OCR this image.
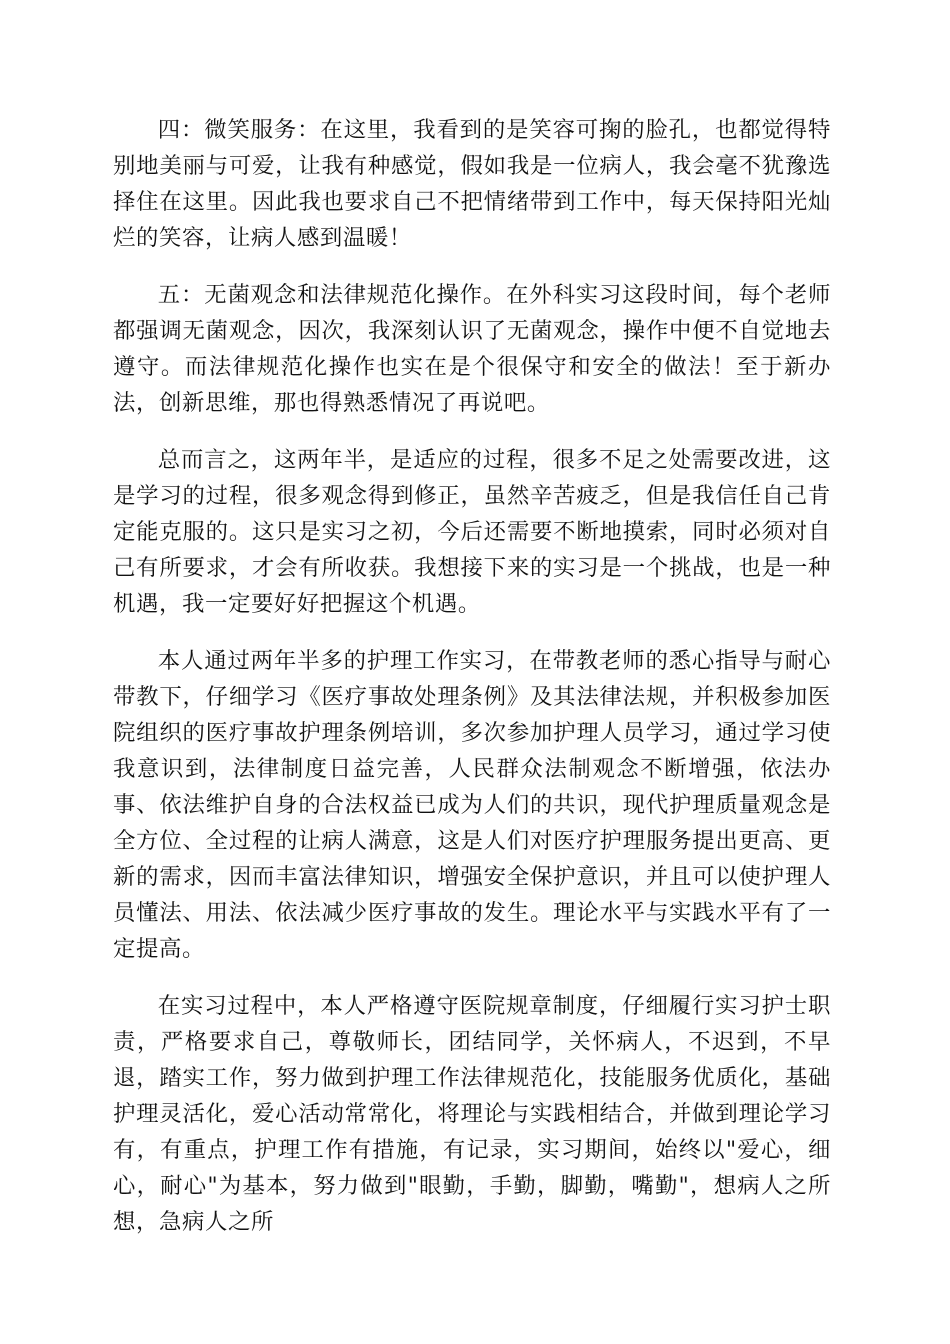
四：微笑服务：在这里，我看到的是笑容可掬的脸孔，也都觉得特别地美丽与可爱，让我有种感觉，假如我是一位病人，我会毫不犹豫选择住在这里。因此我也要求自己不把情绪带到工作中，每天保持阳光灿烂的笑容，让病人感到温暖！

五：无菌观念和法律规范化操作。在外科实习这段时间，每个老师都强调无菌观念，因次，我深刻认识了无菌观念，操作中便不自觉地去遵守。而法律规范化操作也实在是个很保守和安全的做法！至于新办法，创新思维，那也得熟悉情况了再说吧。

总而言之，这两年半，是适应的过程，很多不足之处需要改进，这是学习的过程，很多观念得到修正，虽然辛苦疲乏，但是我信任自己肯定能克服的。这只是实习之初，今后还需要不断地摸索，同时必须对自己有所要求，才会有所收获。我想接下来的实习是一个挑战，也是一种机遇，我一定要好好把握这个机遇。

本人通过两年半多的护理工作实习，在带教老师的悉心指导与耐心带教下，仔细学习《医疗事故处理条例》及其法律法规，并积极参加医院组织的医疗事故护理条例培训，多次参加护理人员学习，通过学习使我意识到，法律制度日益完善，人民群众法制观念不断增强，依法办事、依法维护自身的合法权益已成为人们的共识，现代护理质量观念是全方位、全过程的让病人满意，这是人们对医疗护理服务提出更高、更新的需求，因而丰富法律知识，增强安全保护意识，并且可以使护理人员懂法、用法、依法减少医疗事故的发生。理论水平与实践水平有了一定提高。

在实习过程中，本人严格遵守医院规章制度，仔细履行实习护士职责，严格要求自己，尊敬师长，团结同学，关怀病人，不迟到，不早退，踏实工作，努力做到护理工作法律规范化，技能服务优质化，基础护理灵活化，爱心活动常常化，将理论与实践相结合，并做到理论学习有，有重点，护理工作有措施，有记录，实习期间，始终以"爱心，细心，耐心"为基本，努力做到"眼勤，手勤，脚勤，嘴勤"，想病人之所想，急病人之所
